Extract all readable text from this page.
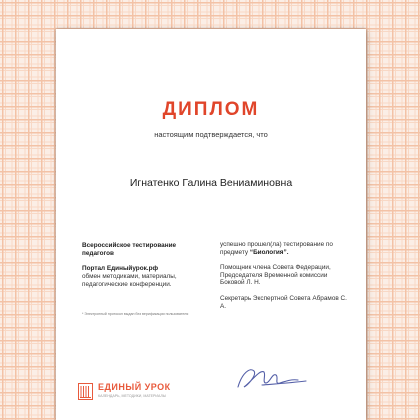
ДИПЛОМ
настоящим подтверждается, что
Игнатенко Галина Вениаминовна
Всероссийское тестирование педагогов
Портал Единыйурок.рф
обмен методиками, материалы, педагогические конференции.
* Электронный протокол выдан без верификации пользователя

успешно прошел(ла) тестирование по предмету “Биология”.

Помощник члена Совета Федерации, Председателя Временной комиссии Боковой Л. Н.

Секретарь Экспертной Совета Абрамов С. А.

ЕДИНЫЙ УРОК
КАЛЕНДАРЬ, МЕТОДИКИ, МАТЕРИАЛЫ
